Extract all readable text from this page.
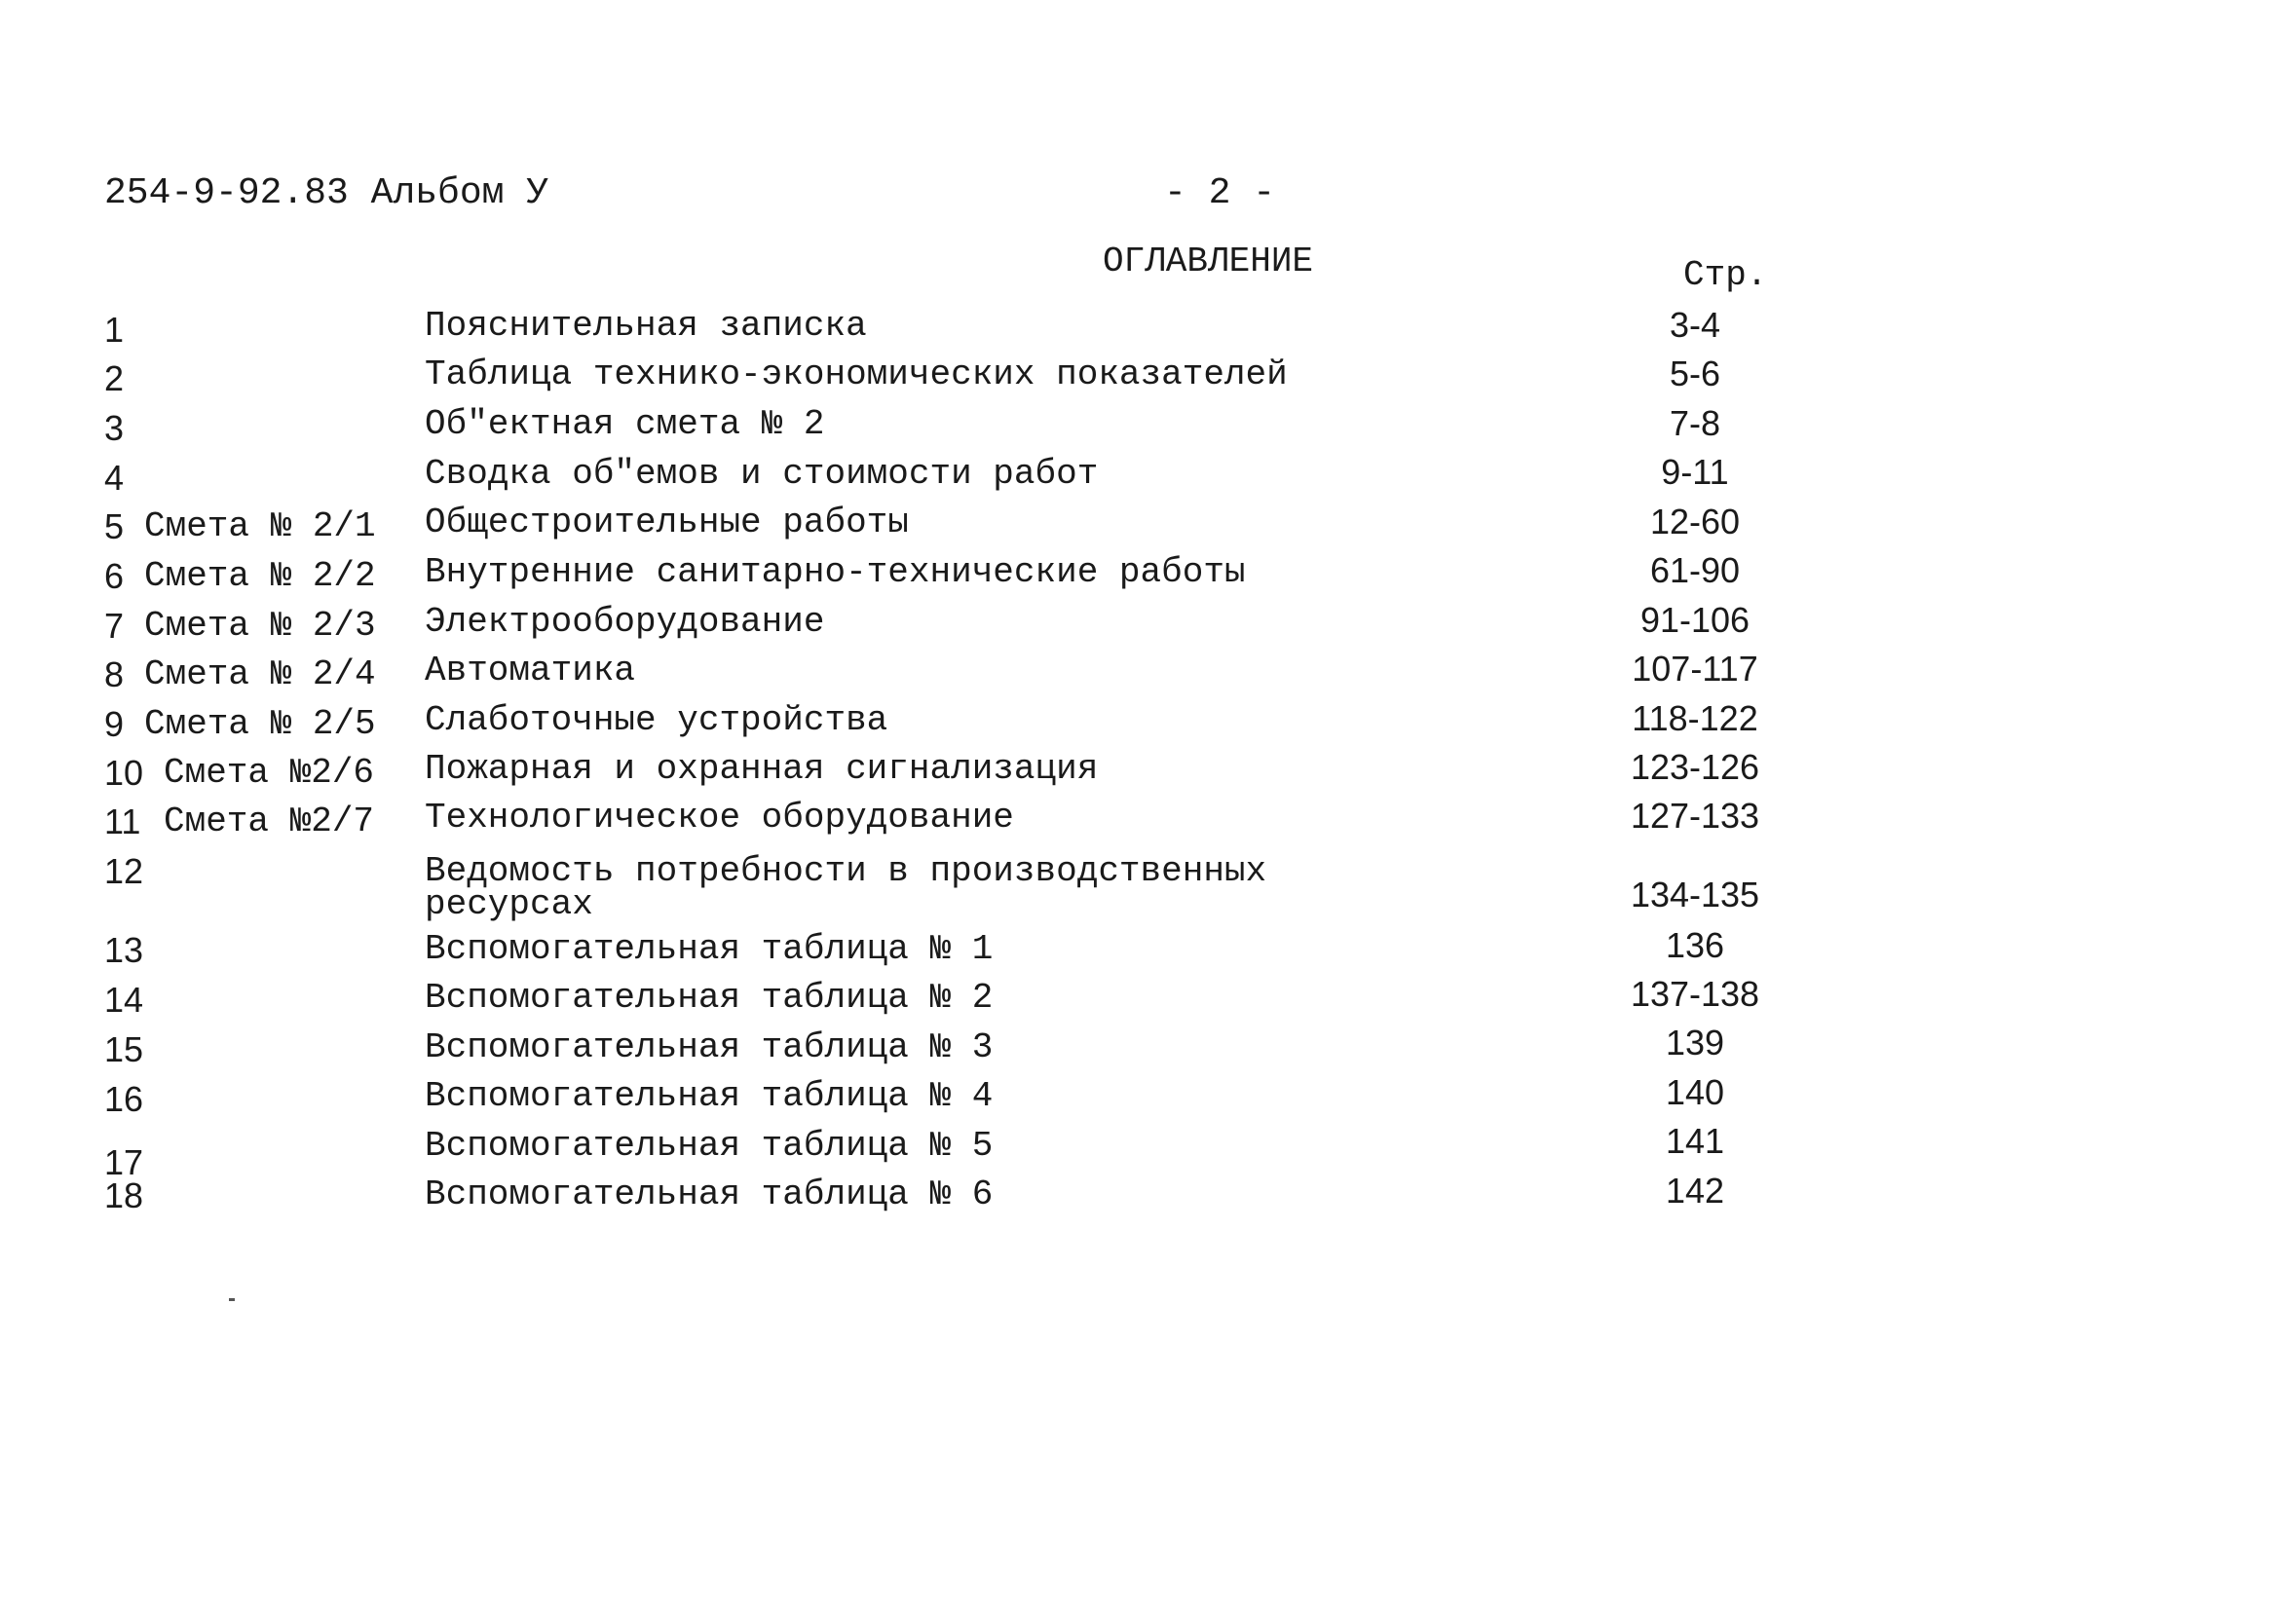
254-9-92.83 Альбом У	- 2 -
ОГЛАВЛЕНИЕ	Стр.
1	Пояснительная записка	3-4
2	Таблица технико-экономических показателей	5-6
3	Об"ектная смета № 2	7-8
4	Сводка об"емов и стоимости работ	9-11
5 Смета № 2/1 Общестроительные работы	12-60
6 Смета № 2/2 Внутренние санитарно-технические работы	61-90
7 Смета № 2/3 Электрооборудование	91-106
8 Смета № 2/4 Автоматика	107-117
9 Смета № 2/5 Слаботочные устройства	118-122
10 Смета №2/6 Пожарная и охранная сигнализация	123-126
11 Смета №2/7 Технологическое оборудование	127-133
12	Ведомость потребности в производственных
ресурсах	134-135
13	Вспомогательная таблица № 1	136
14	Вспомогательная таблица № 2	137-138
15	Вспомогательная таблица № 3	139
16	Вспомогательная таблица № 4	140
17	Вспомогательная таблица № 5	141
18	Вспомогательная таблица № 6	142
